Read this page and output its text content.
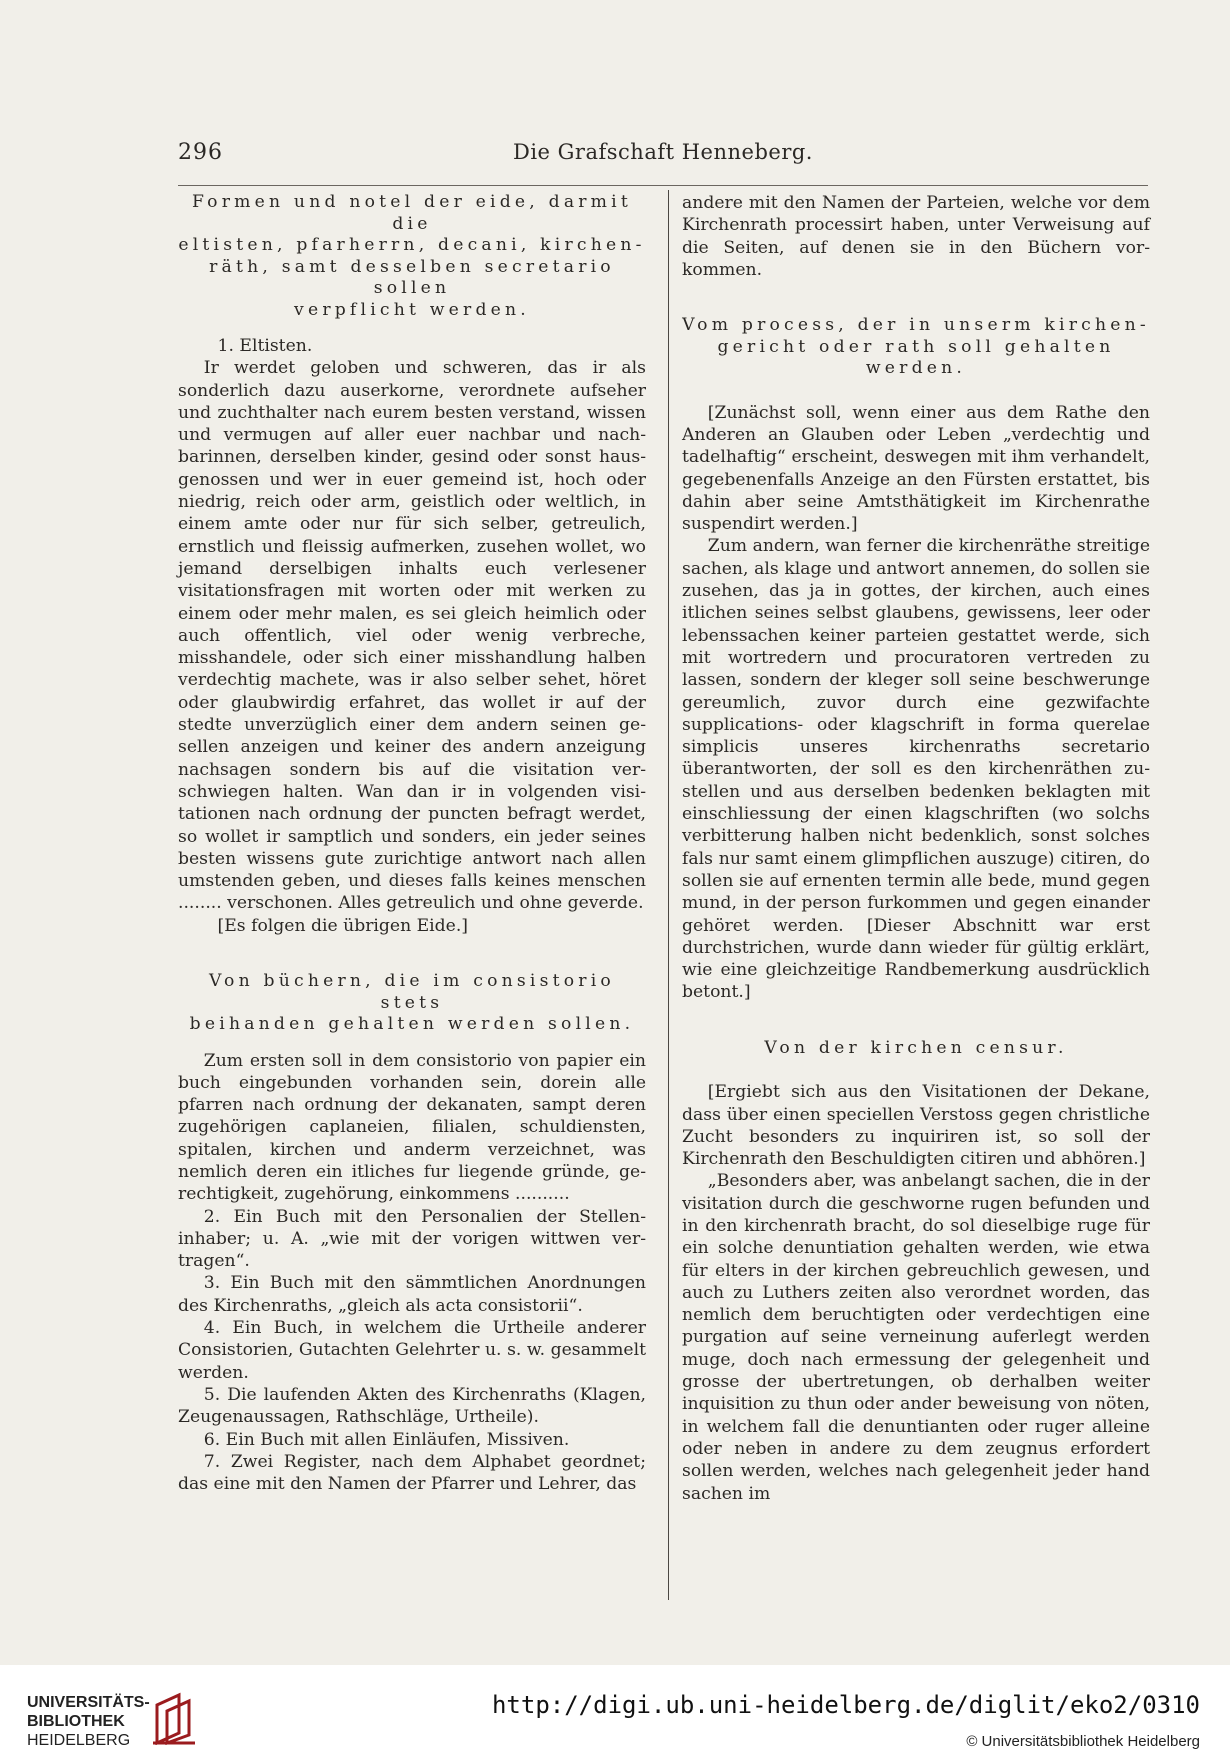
296	Die Grafschaft Henneberg.
Formen und notel der eide, darmit die
eltisten, pfarherrn, decani, kirchen-
räth, samt desselben secretario sollen
verpflicht werden.

1. Eltisten.

Ir werdet geloben und schweren, das ir als sonderlich dazu auserkorne, verordnete aufseher und zuchthalter nach eurem besten verstand, wissen und vermugen auf aller euer nachbar und nachbarinnen, derselben kinder, gesind oder sonst hausgenossen und wer in euer gemeind ist, hoch oder niedrig, reich oder arm, geistlich oder weltlich, in einem amte oder nur für sich selber, getreulich, ernstlich und fleissig aufmerken, zusehen wollet, wo jemand derselbigen inhalts euch verlesener visitationsfragen mit worten oder mit werken zu einem oder mehr malen, es sei gleich heimlich oder auch offentlich, viel oder wenig verbreche, misshandele, oder sich einer misshandlung halben verdechtig machete, was ir also selber sehet, höret oder glaubwirdig erfahret, das wollet ir auf der stedte unverzüglich einer dem andern seinen gesellen anzeigen und keiner des andern anzeigung nachsagen sondern bis auf die visitation verschwiegen halten. Wan dan ir in volgenden visitationen nach ordnung der puncten befragt werdet, so wollet ir samptlich und sonders, ein jeder seines besten wissens gute zurichtige antwort nach allen umstenden geben, und dieses falls keines menschen ........ verschonen. Alles getreulich und ohne geverde.

[Es folgen die übrigen Eide.]

Von büchern, die im consistorio stets
beihanden gehalten werden sollen.

Zum ersten soll in dem consistorio von papier ein buch eingebunden vorhanden sein, dorein alle pfarren nach ordnung der dekanaten, sampt deren zugehörigen caplaneien, filialen, schuldiensten, spitalen, kirchen und anderm verzeichnet, was nemlich deren ein itliches fur liegende gründe, gerechtigkeit, zugehörung, einkommens ..........

2. Ein Buch mit den Personalien der Stelleninhaber; u. A. „wie mit der vorigen wittwen vertragen“.

3. Ein Buch mit den sämmtlichen Anordnungen des Kirchenraths, „gleich als acta consistorii“.

4. Ein Buch, in welchem die Urtheile anderer Consistorien, Gutachten Gelehrter u. s. w. gesammelt werden.

5. Die laufenden Akten des Kirchenraths (Klagen, Zeugenaussagen, Rathschläge, Urtheile).

6. Ein Buch mit allen Einläufen, Missiven.

7. Zwei Register, nach dem Alphabet geordnet; das eine mit den Namen der Pfarrer und Lehrer, das

andere mit den Namen der Parteien, welche vor dem Kirchenrath processirt haben, unter Verweisung auf die Seiten, auf denen sie in den Büchern vorkommen.

Vom process, der in unserm kirchen-
gericht oder rath soll gehalten werden.

[Zunächst soll, wenn einer aus dem Rathe den Anderen an Glauben oder Leben „verdechtig und tadelhaftig“ erscheint, deswegen mit ihm verhandelt, gegebenenfalls Anzeige an den Fürsten erstattet, bis dahin aber seine Amtsthätigkeit im Kirchenrathe suspendirt werden.]

Zum andern, wan ferner die kirchenräthe streitige sachen, als klage und antwort annemen, do sollen sie zusehen, das ja in gottes, der kirchen, auch eines itlichen seines selbst glaubens, gewissens, leer oder lebenssachen keiner parteien gestattet werde, sich mit wortredern und procuratoren vertreden zu lassen, sondern der kleger soll seine beschwerunge gereumlich, zuvor durch eine gezwifachte supplications- oder klagschrift in forma querelae simplicis unseres kirchenraths secretario überantworten, der soll es den kirchenräthen zustellen und aus derselben bedenken beklagten mit einschliessung der einen klagschriften (wo solchs verbitterung halben nicht bedenklich, sonst solches fals nur samt einem glimpflichen auszuge) citiren, do sollen sie auf ernenten termin alle bede, mund gegen mund, in der person furkommen und gegen einander gehöret werden. [Dieser Abschnitt war erst durchstrichen, wurde dann wieder für gültig erklärt, wie eine gleichzeitige Randbemerkung ausdrücklich betont.]

Von der kirchen censur.

[Ergiebt sich aus den Visitationen der Dekane, dass über einen speciellen Verstoss gegen christliche Zucht besonders zu inquiriren ist, so soll der Kirchenrath den Beschuldigten citiren und abhören.]

„Besonders aber, was anbelangt sachen, die in der visitation durch die geschworne rugen befunden und in den kirchenrath bracht, do sol dieselbige ruge für ein solche denuntiation gehalten werden, wie etwa für elters in der kirchen gebreuchlich gewesen, und auch zu Luthers zeiten also verordnet worden, das nemlich dem beruchtigten oder verdechtigen eine purgation auf seine verneinung auferlegt werden muge, doch nach ermessung der gelegenheit und grosse der ubertretungen, ob derhalben weiter inquisition zu thun oder ander beweisung von nöten, in welchem fall die denuntianten oder ruger alleine oder neben in andere zu dem zeugnus erfordert sollen werden, welches nach gelegenheit jeder hand sachen im

UNIVERSITÄTS-
BIBLIOTHEK
HEIDELBERG
http://digi.ub.uni-heidelberg.de/diglit/eko2/0310
© Universitätsbibliothek Heidelberg
